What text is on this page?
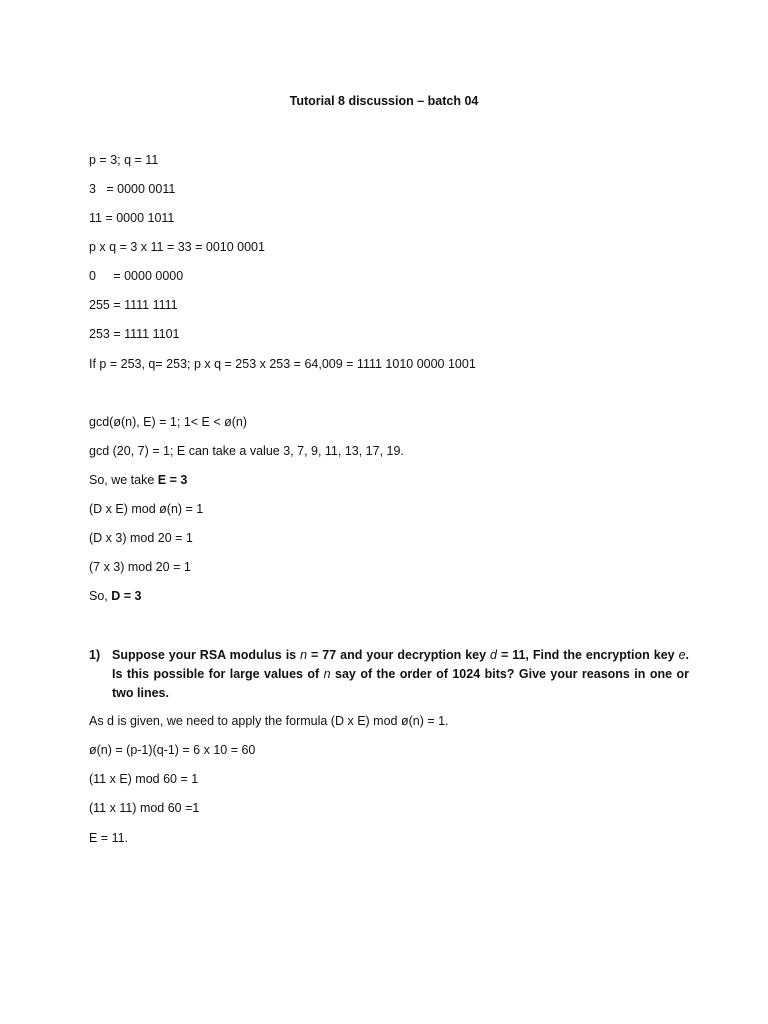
Tutorial 8 discussion – batch 04
p = 3; q = 11
3   = 0000 0011
11 = 0000 1011
p x q = 3 x 11 = 33 = 0010 0001
0     = 0000 0000
255 = 1111 1111
253 = 1111 1101
If p = 253, q= 253; p x q = 253 x 253 = 64,009 = 1111 1010 0000 1001
gcd(ø(n), E) = 1; 1< E < ø(n)
gcd (20, 7) = 1; E can take a value 3, 7, 9, 11, 13, 17, 19.
So, we take E = 3
(D x E) mod ø(n) = 1
(D x 3) mod 20 = 1
(7 x 3) mod 20 = 1
So, D = 3
1) Suppose your RSA modulus is n = 77 and your decryption key d = 11, Find the encryption key e. Is this possible for large values of n say of the order of 1024 bits? Give your reasons in one or two lines.
As d is given, we need to apply the formula (D x E) mod ø(n) = 1.
ø(n) = (p-1)(q-1) = 6 x 10 = 60
(11 x E) mod 60 = 1
(11 x 11) mod 60 =1
E = 11.
